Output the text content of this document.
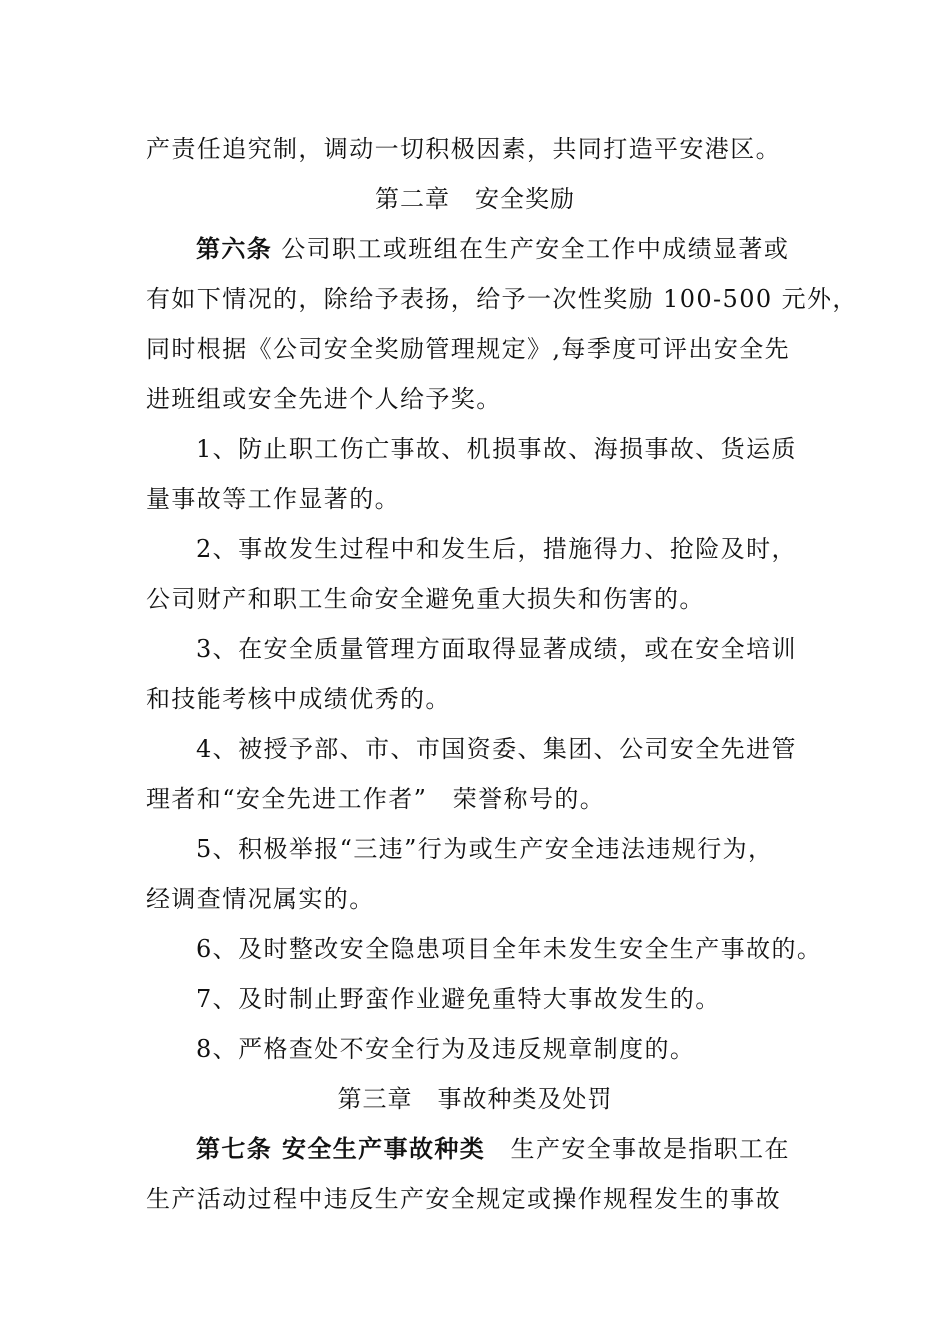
产责任追究制，调动一切积极因素，共同打造平安港区。
第二章　安全奖励
第六条 公司职工或班组在生产安全工作中成绩显著或
有如下情况的，除给予表扬，给予一次性奖励 100-500 元外，
同时根据《公司安全奖励管理规定》,每季度可评出安全先
进班组或安全先进个人给予奖。
1、防止职工伤亡事故、机损事故、海损事故、货运质
量事故等工作显著的。
2、事故发生过程中和发生后，措施得力、抢险及时，
公司财产和职工生命安全避免重大损失和伤害的。
3、在安全质量管理方面取得显著成绩，或在安全培训
和技能考核中成绩优秀的。
4、被授予部、市、市国资委、集团、公司安全先进管
理者和“安全先进工作者”　荣誉称号的。
5、积极举报“三违”行为或生产安全违法违规行为，
经调查情况属实的。
6、及时整改安全隐患项目全年未发生安全生产事故的。
7、及时制止野蛮作业避免重特大事故发生的。
8、严格查处不安全行为及违反规章制度的。
第三章　事故种类及处罚
第七条 安全生产事故种类　生产安全事故是指职工在
生产活动过程中违反生产安全规定或操作规程发生的事故
